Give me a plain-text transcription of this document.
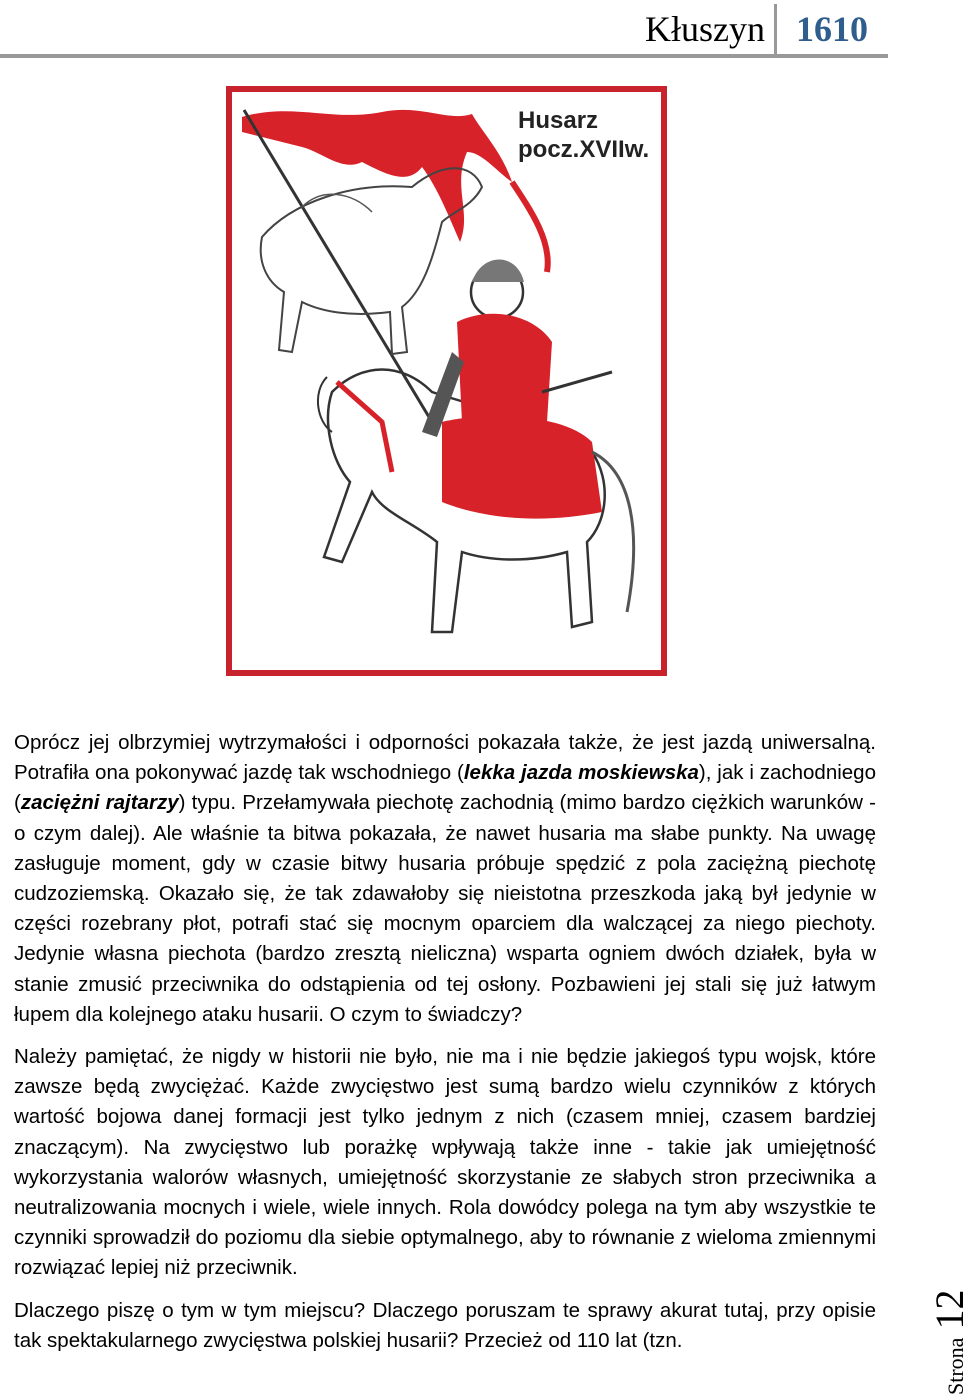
Kłuszyn 1610
Husarz
pocz.XVIIw.

Oprócz jej olbrzymiej wytrzymałości i odporności pokazała także, że jest jazdą uniwersalną. Potrafiła ona pokonywać jazdę tak wschodniego (lekka jazda moskiewska), jak i zachodniego (zaciężni rajtarzy) typu. Przełamywała piechotę zachodnią (mimo bardzo ciężkich warunków - o czym dalej). Ale właśnie ta bitwa pokazała, że nawet husaria ma słabe punkty. Na uwagę zasługuje moment, gdy w czasie bitwy husaria próbuje spędzić z pola zaciężną piechotę cudzoziemską. Okazało się, że tak zdawałoby się nieistotna przeszkoda jaką był jedynie w części rozebrany płot, potrafi stać się mocnym oparciem dla walczącej za niego piechoty. Jedynie własna piechota (bardzo zresztą nieliczna) wsparta ogniem dwóch działek, była w stanie zmusić przeciwnika do odstąpienia od tej osłony. Pozbawieni jej stali się już łatwym łupem dla kolejnego ataku husarii. O czym to świadczy?

Należy pamiętać, że nigdy w historii nie było, nie ma i nie będzie jakiegoś typu wojsk, które zawsze będą zwyciężać. Każde zwycięstwo jest sumą bardzo wielu czynników z których wartość bojowa danej formacji jest tylko jednym z nich (czasem mniej, czasem bardziej znaczącym). Na zwycięstwo lub porażkę wpływają także inne - takie jak umiejętność wykorzystania walorów własnych, umiejętność skorzystanie ze słabych stron przeciwnika a neutralizowania mocnych i wiele, wiele innych. Rola dowódcy polega na tym aby wszystkie te czynniki sprowadził do poziomu dla siebie optymalnego, aby to równanie z wieloma zmiennymi rozwiązać lepiej niż przeciwnik.

Dlaczego piszę o tym w tym miejscu? Dlaczego poruszam te sprawy akurat tutaj, przy opisie tak spektakularnego zwycięstwa polskiej husarii? Przecież od 110 lat (tzn.	Strona12
